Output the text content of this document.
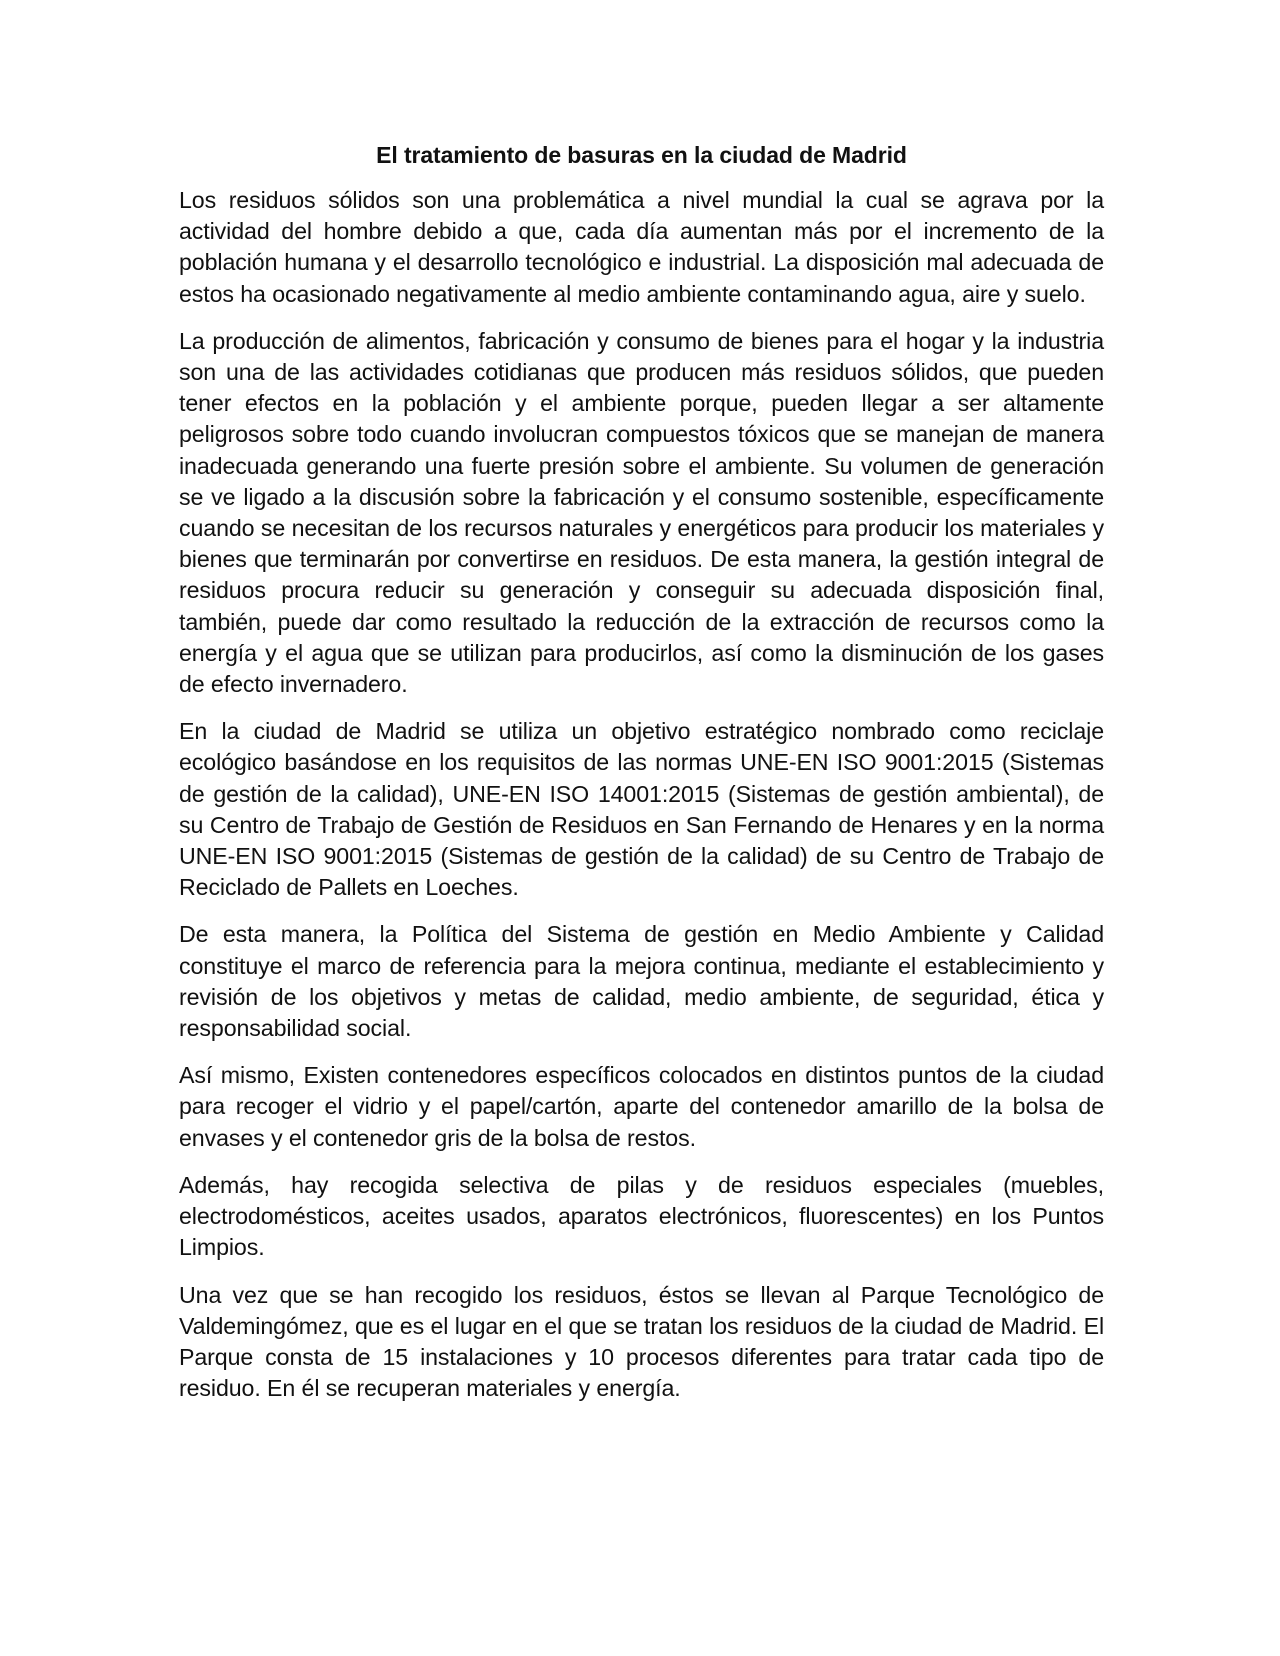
El tratamiento de basuras en la ciudad de Madrid

Los residuos sólidos son una problemática a nivel mundial la cual se agrava por la actividad del hombre debido a que, cada día aumentan más por el incremento de la población humana y el desarrollo tecnológico e industrial. La disposición mal adecuada de estos ha ocasionado negativamente al medio ambiente contaminando agua, aire y suelo.

La producción de alimentos, fabricación y consumo de bienes para el hogar y la industria son una de las actividades cotidianas que producen más residuos sólidos, que pueden tener efectos en la población y el ambiente porque, pueden llegar a ser altamente peligrosos sobre todo cuando involucran compuestos tóxicos que se manejan de manera inadecuada generando una fuerte presión sobre el ambiente. Su volumen de generación se ve ligado a la discusión sobre la fabricación y el consumo sostenible, específicamente cuando se necesitan de los recursos naturales y energéticos para producir los materiales y bienes que terminarán por convertirse en residuos. De esta manera, la gestión integral de residuos procura reducir su generación y conseguir su adecuada disposición final, también, puede dar como resultado la reducción de la extracción de recursos como la energía y el agua que se utilizan para producirlos, así como la disminución de los gases de efecto invernadero.

En la ciudad de Madrid se utiliza un objetivo estratégico nombrado como reciclaje ecológico basándose en los requisitos de las normas UNE-EN ISO 9001:2015 (Sistemas de gestión de la calidad), UNE-EN ISO 14001:2015 (Sistemas de gestión ambiental), de su Centro de Trabajo de Gestión de Residuos en San Fernando de Henares y en la norma UNE-EN ISO 9001:2015 (Sistemas de gestión de la calidad) de su Centro de Trabajo de Reciclado de Pallets en Loeches.

De esta manera, la Política del Sistema de gestión en Medio Ambiente y Calidad constituye el marco de referencia para la mejora continua, mediante el establecimiento y revisión de los objetivos y metas de calidad, medio ambiente, de seguridad, ética y responsabilidad social.

Así mismo, Existen contenedores específicos colocados en distintos puntos de la ciudad para recoger el vidrio y el papel/cartón, aparte del contenedor amarillo de la bolsa de envases y el contenedor gris de la bolsa de restos.

Además, hay recogida selectiva de pilas y de residuos especiales (muebles, electrodomésticos, aceites usados, aparatos electrónicos, fluorescentes) en los Puntos Limpios.

Una vez que se han recogido los residuos, éstos se llevan al Parque Tecnológico de Valdemingómez, que es el lugar en el que se tratan los residuos de la ciudad de Madrid. El Parque consta de 15 instalaciones y 10 procesos diferentes para tratar cada tipo de residuo. En él se recuperan materiales y energía.
